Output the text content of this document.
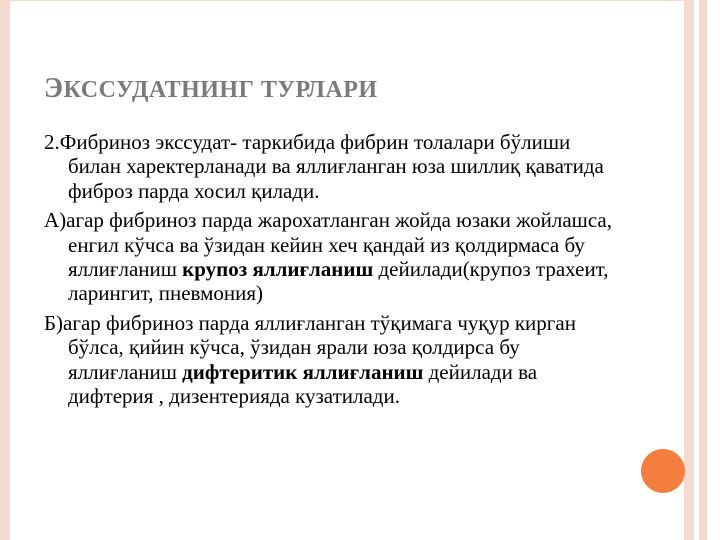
ЭКССУДАТНИНГ ТУРЛАРИ

2.Фибриноз экссудат- таркибида фибрин толалари бўлиши билан харектерланади ва яллиғланган юза шиллиқ қаватида фиброз парда хосил қилади.

А)агар фибриноз парда жарохатланган жойда юзаки жойлашса, енгил кўчса ва ўзидан кейин хеч қандай из қолдирмаса бу яллиғланиш крупоз яллиғланиш дейилади(крупоз трахеит, ларингит, пневмония)

Б)агар фибриноз парда яллиғланган тўқимага чуқур кирган бўлса, қийин кўчса, ўзидан ярали юза қолдирса бу яллиғланиш дифтеритик яллиғланиш дейилади ва дифтерия , дизентерияда кузатилади.
